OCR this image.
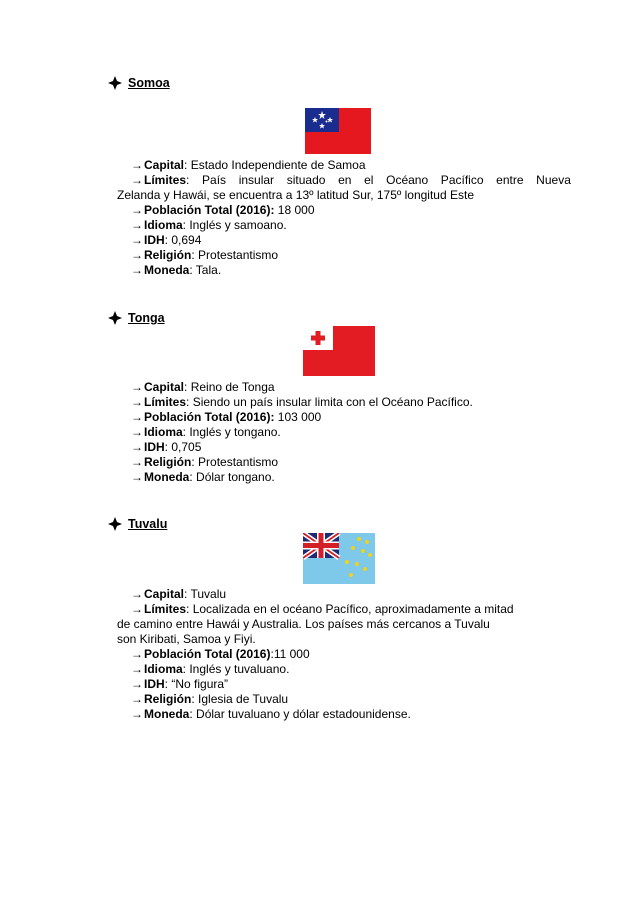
Somoa
→ Capital : Estado Independiente de Samoa
→ Límites : País  insular  situado  en  el  Océano  Pacífico  entre  Nueva
Zelanda y Hawái, se encuentra a 13º latitud Sur, 175º longitud Este
→ Población Total (2016): 18 000
→ Idioma : Inglés y samoano.
→ IDH : 0,694
→ Religión : Protestantismo
→ Moneda : Tala.
Tonga
→ Capital : Reino de Tonga
→ Límites : Siendo un país insular limita con el Océano Pacífico.
→ Población Total (2016): 103 000
→ Idioma : Inglés y tongano.
→ IDH : 0,705
→ Religión : Protestantismo
→ Moneda : Dólar tongano.
Tuvalu
→ Capital : Tuvalu
→ Límites : Localizada en el océano Pacífico, aproximadamente a mitad
de camino entre Hawái y Australia. Los países más cercanos a Tuvalu
son Kiribati, Samoa y Fiyi.
→ Población Total (2016) : 11 000
→ Idioma : Inglés y tuvaluano.
→ IDH : “No figura”
→ Religión : Iglesia de Tuvalu
→ Moneda : Dólar tuvaluano y dólar estadounidense.
